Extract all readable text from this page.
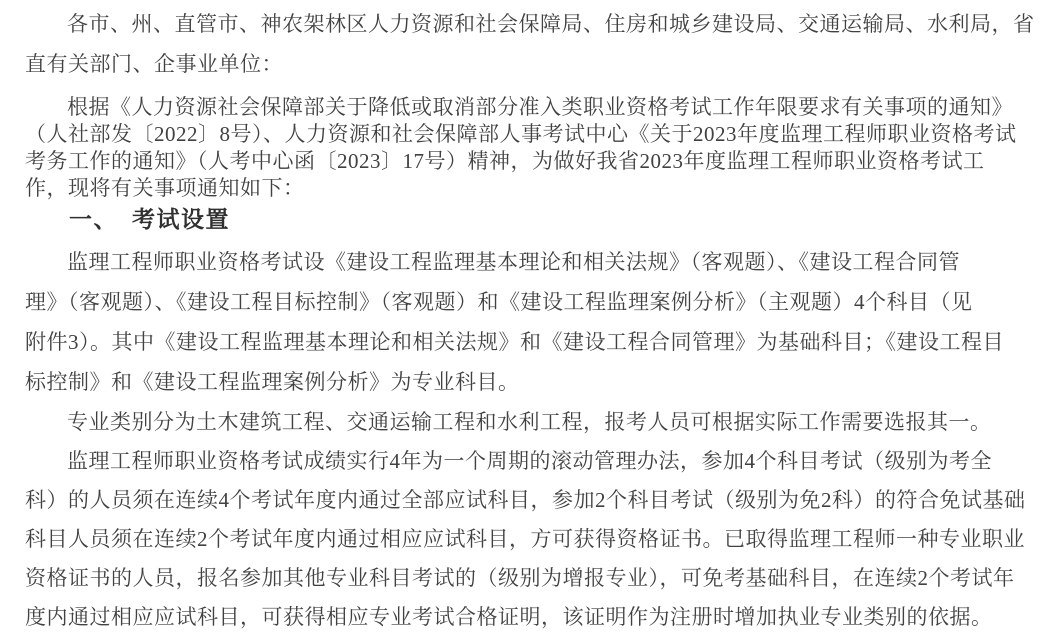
各市、州、直管市、神农架林区人力资源和社会保障局、住房和城乡建设局、交通运输局、水利局，省
直有关部门、企事业单位：

根据《人力资源社会保障部关于降低或取消部分准入类职业资格考试工作年限要求有关事项的通知》
（人社部发〔2022〕8号）、人力资源和社会保障部人事考试中心《关于2023年度监理工程师职业资格考试
考务工作的通知》（人考中心函〔2023〕17号）精神，为做好我省2023年度监理工程师职业资格考试工
作，现将有关事项通知如下：

一、 考试设置

监理工程师职业资格考试设《建设工程监理基本理论和相关法规》（客观题）、《建设工程合同管
理》（客观题）、《建设工程目标控制》（客观题）和《建设工程监理案例分析》（主观题）4个科目（见
附件3）。其中《建设工程监理基本理论和相关法规》和《建设工程合同管理》为基础科目；《建设工程目
标控制》和《建设工程监理案例分析》为专业科目。

专业类别分为土木建筑工程、交通运输工程和水利工程，报考人员可根据实际工作需要选报其一。

监理工程师职业资格考试成绩实行4年为一个周期的滚动管理办法，参加4个科目考试（级别为考全
科）的人员须在连续4个考试年度内通过全部应试科目，参加2个科目考试（级别为免2科）的符合免试基础
科目人员须在连续2个考试年度内通过相应应试科目，方可获得资格证书。已取得监理工程师一种专业职业
资格证书的人员，报名参加其他专业科目考试的（级别为增报专业），可免考基础科目，在连续2个考试年
度内通过相应应试科目，可获得相应专业考试合格证明，该证明作为注册时增加执业专业类别的依据。
